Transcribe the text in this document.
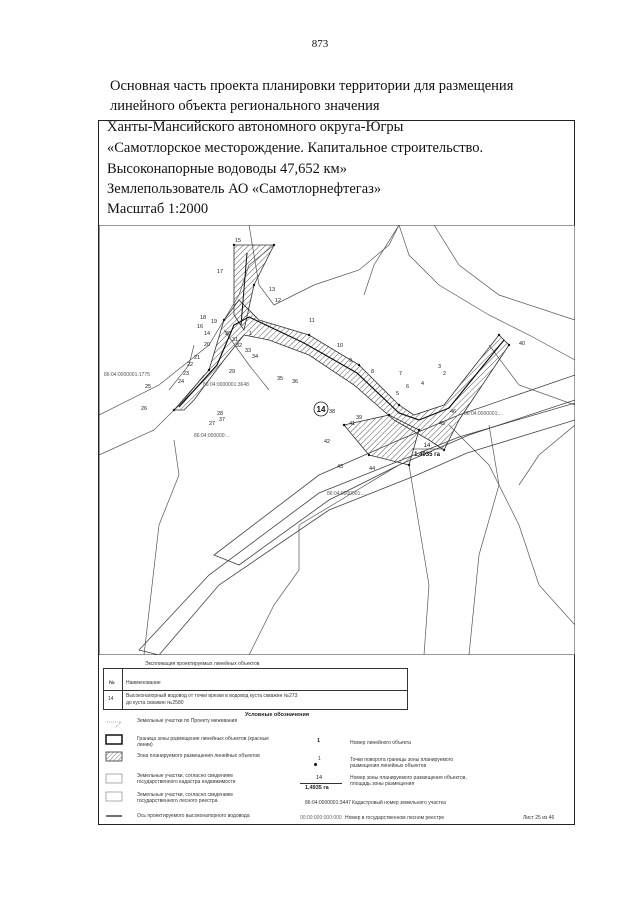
873
Основная часть проекта планировки территории для размещения
линейного объекта регионального значения
Ханты-Мансийского автономного округа-Югры
«Самотлорское месторождение. Капитальное строительство.
Высоконапорные водоводы 47,652 км»
Землепользователь АО «Самотлорнефтегаз»
Масштаб 1:2000
15
17
13
12
11
10
9
8	7
6
5
4
3
2
40
46
45
44
43
42
41
39
38
37
36
35
34
33
32
31
30
29
28
27
26
25
24
23
22
21
20
19
18
16
14	1
86:04:0000001:1775
86:04:0000001:3648
86:04:000000:...
86:04:0000001:...
86:04:0000001:...
14
14
1,4935 га
Экспликация проектируемых линейных объектов
№ Наименование
14 Высоконапорный водовод от точки врезки в водовод куста скважин №273
до куста скважин №2580
Условные обозначения
Земельные участки по Проекту межевания
Граница зоны размещения линейных объектов (красные линии)
Зона планируемого размещения линейных объектов
Земельные участки, согласно сведениям государственного кадастра недвижимости
Земельные участки, согласно сведениям государственного лесного реестра
Ось проектируемого высоконапорного водовода
1	Номер линейного объекта
1	Точки поворота границы зоны планируемого размещения линейных объектов
14
1,4935 га
Номер зоны планируемого размещения объектов, площадь зоны размещения
86:04:0000001:3447 Кадастровый номер земельного участка
00:00:000:000:000 Номер в государственном лесном реестре	Лист 25 из 46
